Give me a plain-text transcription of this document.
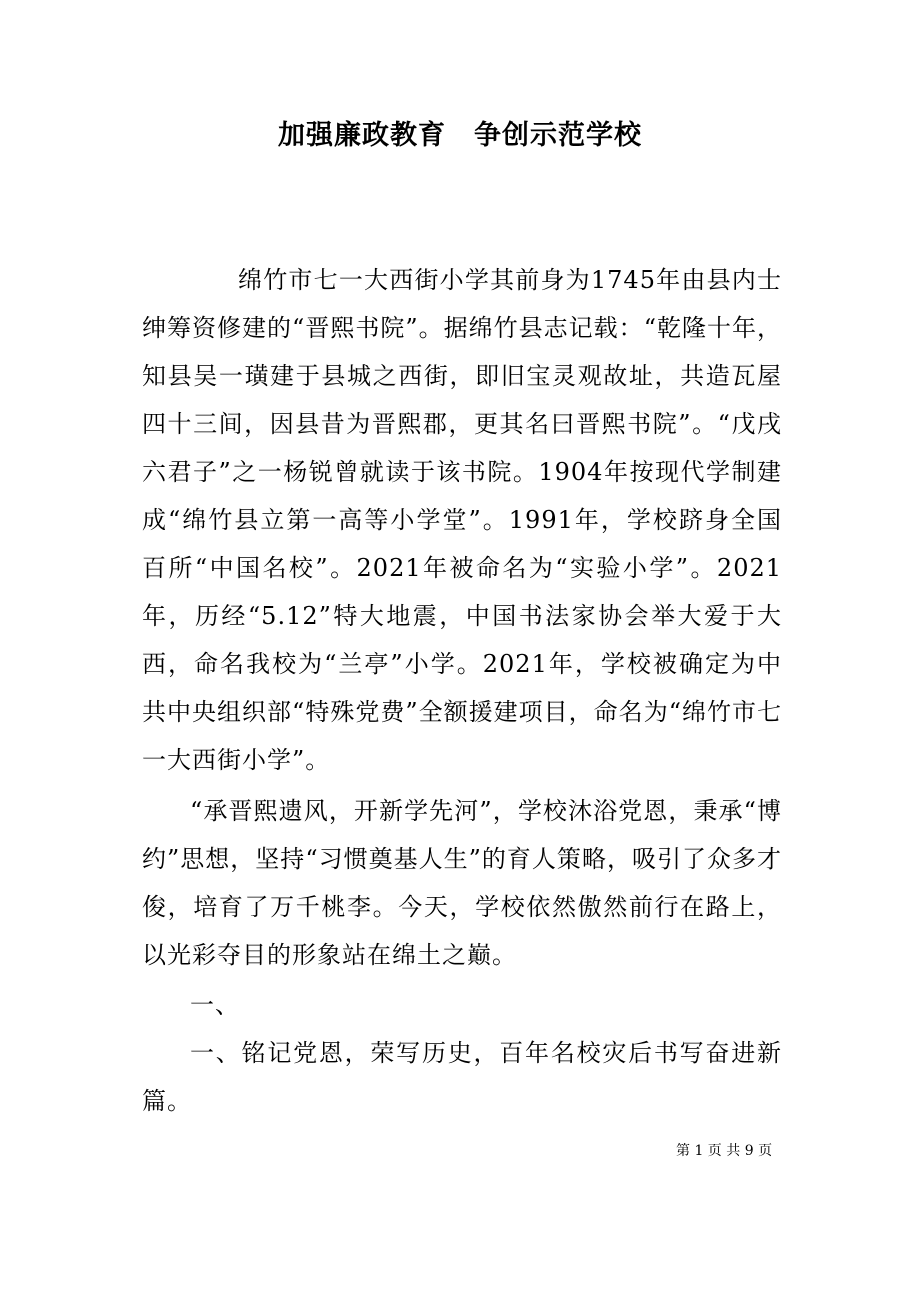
加强廉政教育　争创示范学校

绵竹市七一大西街小学其前身为1745年由县内士绅筹资修建的“晋熙书院”。据绵竹县志记载：“乾隆十年，知县吴一璜建于县城之西街，即旧宝灵观故址，共造瓦屋四十三间，因县昔为晋熙郡，更其名曰晋熙书院”。“戊戌六君子”之一杨锐曾就读于该书院。1904年按现代学制建成“绵竹县立第一高等小学堂”。1991年，学校跻身全国百所“中国名校”。2021年被命名为“实验小学”。2021年，历经“5.12”特大地震，中国书法家协会举大爱于大西，命名我校为“兰亭”小学。2021年，学校被确定为中共中央组织部“特殊党费”全额援建项目，命名为“绵竹市七一大西街小学”。

“承晋熙遗风，开新学先河”，学校沐浴党恩，秉承“博约”思想，坚持“习惯奠基人生”的育人策略，吸引了众多才俊，培育了万千桃李。今天，学校依然傲然前行在路上，以光彩夺目的形象站在绵土之巅。

一、

一、铭记党恩，荣写历史，百年名校灾后书写奋进新篇。

第 1 页 共 9 页
